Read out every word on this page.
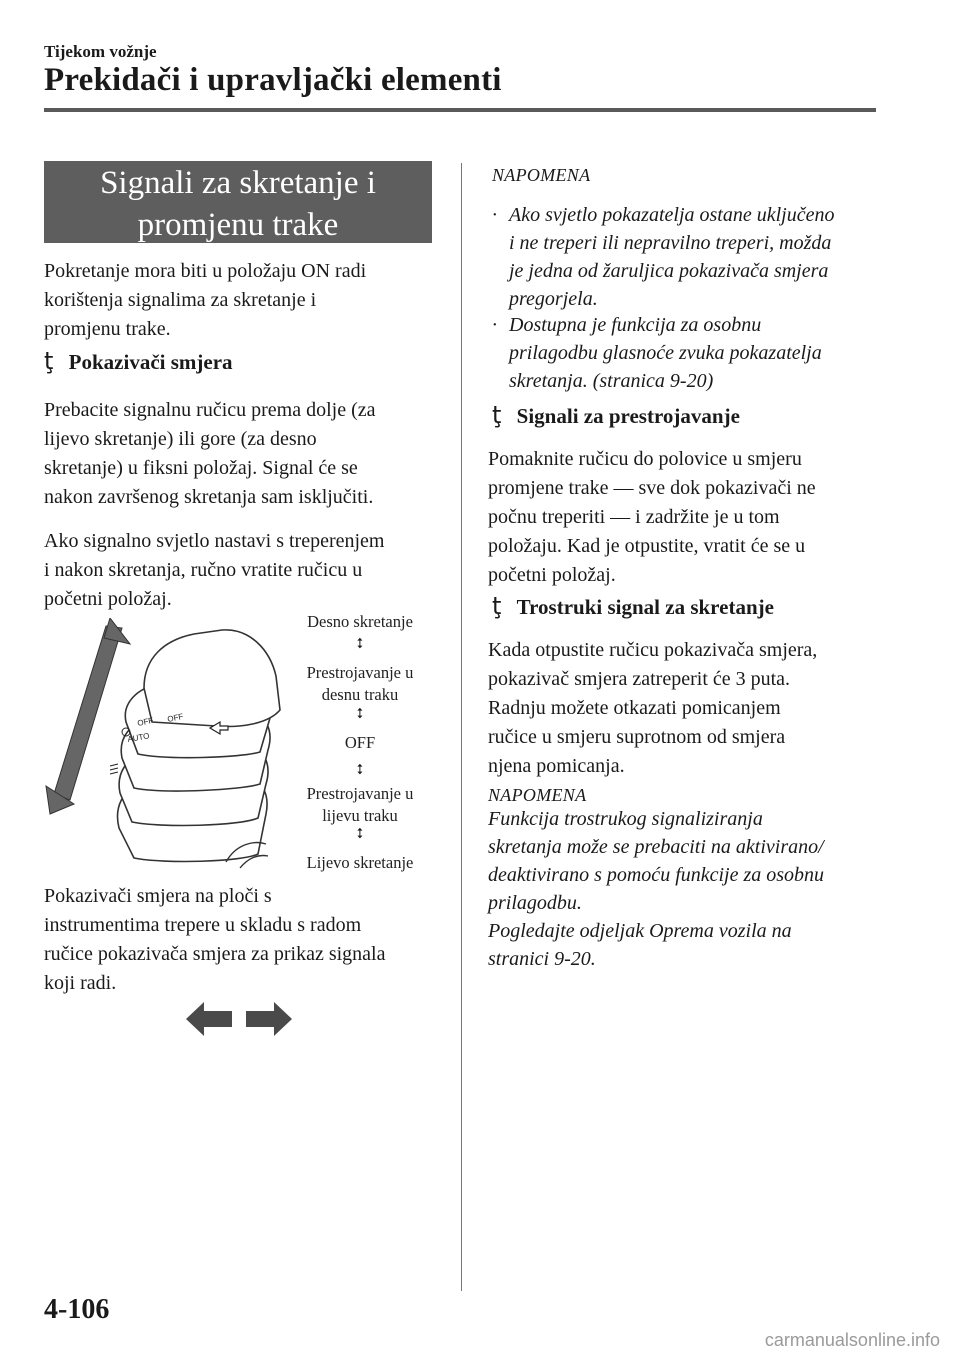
Tijekom vožnje
Prekidači i upravljački elementi
Signali za skretanje i
promjenu trake
Pokretanje mora biti u položaju ON radi
korištenja signalima za skretanje i
promjenu trake.
ţ Pokazivači smjera
Prebacite signalnu ručicu prema dolje (za
lijevo skretanje) ili gore (za desno
skretanje) u fiksni položaj. Signal će se
nakon završenog skretanja sam isključiti.
Ako signalno svjetlo nastavi s treperenjem
i nakon skretanja, ručno vratite ručicu u
početni položaj.
OFF OFF
AUTO
Desno skretanje
⭥
Prestrojavanje u
desnu traku
⭥
OFF
⭥
Prestrojavanje u
lijevu traku
⭥
Lijevo skretanje
Pokazivači smjera na ploči s
instrumentima trepere u skladu s radom
ručice pokazivača smjera za prikaz signala
koji radi.
NAPOMENA
· Ako svjetlo pokazatelja ostane uključeno
i ne treperi ili nepravilno treperi, možda
je jedna od žaruljica pokazivača smjera
pregorjela.
· Dostupna je funkcija za osobnu
prilagodbu glasnoće zvuka pokazatelja
skretanja. (stranica 9-20)
ţ Signali za prestrojavanje
Pomaknite ručicu do polovice u smjeru
promjene trake — sve dok pokazivači ne
počnu treperiti — i zadržite je u tom
položaju. Kad je otpustite, vratit će se u
početni položaj.
ţ Trostruki signal za skretanje
Kada otpustite ručicu pokazivača smjera,
pokazivač smjera zatreperit će 3 puta.
Radnju možete otkazati pomicanjem
ručice u smjeru suprotnom od smjera
njena pomicanja.
NAPOMENA
Funkcija trostrukog signaliziranja
skretanja može se prebaciti na aktivirano/
deaktivirano s pomoću funkcije za osobnu
prilagodbu.
Pogledajte odjeljak Oprema vozila na
stranici 9-20.
4-106
carmanualsonline.info
